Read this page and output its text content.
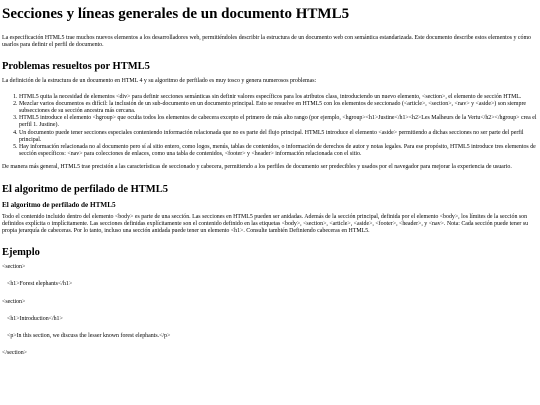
Secciones y líneas generales de un documento HTML5

La especificación HTML5 trae muchos nuevos elementos a los desarrolladores web, permitiéndoles describir la estructura de un documento web con semántica estandarizada. Este documento describe estos elementos y cómo usarlos para definir el perfil de documento.

Problemas resueltos por HTML5

La definición de la estructura de un documento en HTML 4 y su algoritmo de perfilado es muy tosco y genera numerosos problemas:

1. HTML5 quita la necesidad de elementos <div> para definir secciones semánticas sin definir valores específicos para los atributos class, introduciendo un nuevo elemento, <section>, el elemento de sección HTML.
2. Mezclar varios documentos es difícil: la inclusión de un sub-documento en un documento principal. Esto se resuelve en HTML5 con los elementos de seccionado (<article>, <section>, <nav> y <aside>) son siempre subsecciones de su sección ancestra más cercana.
3. HTML5 introduce el elemento <hgroup> que oculta todos los elementos de cabecera excepto el primero de más alto rango (por ejemplo, <hgroup><h1>Justine</h1><h2>Les Malheurs de la Vertu</h2></hgroup> crea el perfil 1. Justine).
4. Un documento puede tener secciones especiales conteniendo información relacionada que no es parte del flujo principal. HTML5 introduce el elemento <aside> permitiendo a dichas secciones no ser parte del perfil principal.
5. Hay información relacionada no al documento pero sí al sitio entero, como logos, menús, tablas de contenidos, o información de derechos de autor y notas legales. Para ese propósito, HTML5 introduce tres elementos de sección específicos: <nav> para colecciones de enlaces, como una tabla de contenidos, <footer> y <header> información relacionada con el sitio.

De manera más general, HTML5 trae precisión a las características de seccionado y cabecera, permitiendo a los perfiles de documento ser predecibles y usados por el navegador para mejorar la experiencia de usuario.

El algoritmo de perfilado de HTML5
El algoritmo de perfilado de HTML5

Todo el contenido incluido dentro del elemento <body> es parte de una sección. Las secciones en HTML5 pueden ser anidadas. Además de la sección principal, definida por el elemento <body>, los límites de la sección son definidos explícita o implícitamente. Las secciones definidas explícitamente son el contenido definido en las etiquetas <body>, <section>, <article>, <aside>, <footer>, <header>, y <nav>. Nota: Cada sección puede tener su propia jerarquía de cabeceras. Por lo tanto, incluso una sección anidada puede tener un elemento <h1>. Consulte también Definiendo cabeceras en HTML5.

Ejemplo

<section>

<h1>Forest elephants</h1>

<section>

<h1>Introduction</h1>

<p>In this section, we discuss the lesser known forest elephants.</p>

</section>
